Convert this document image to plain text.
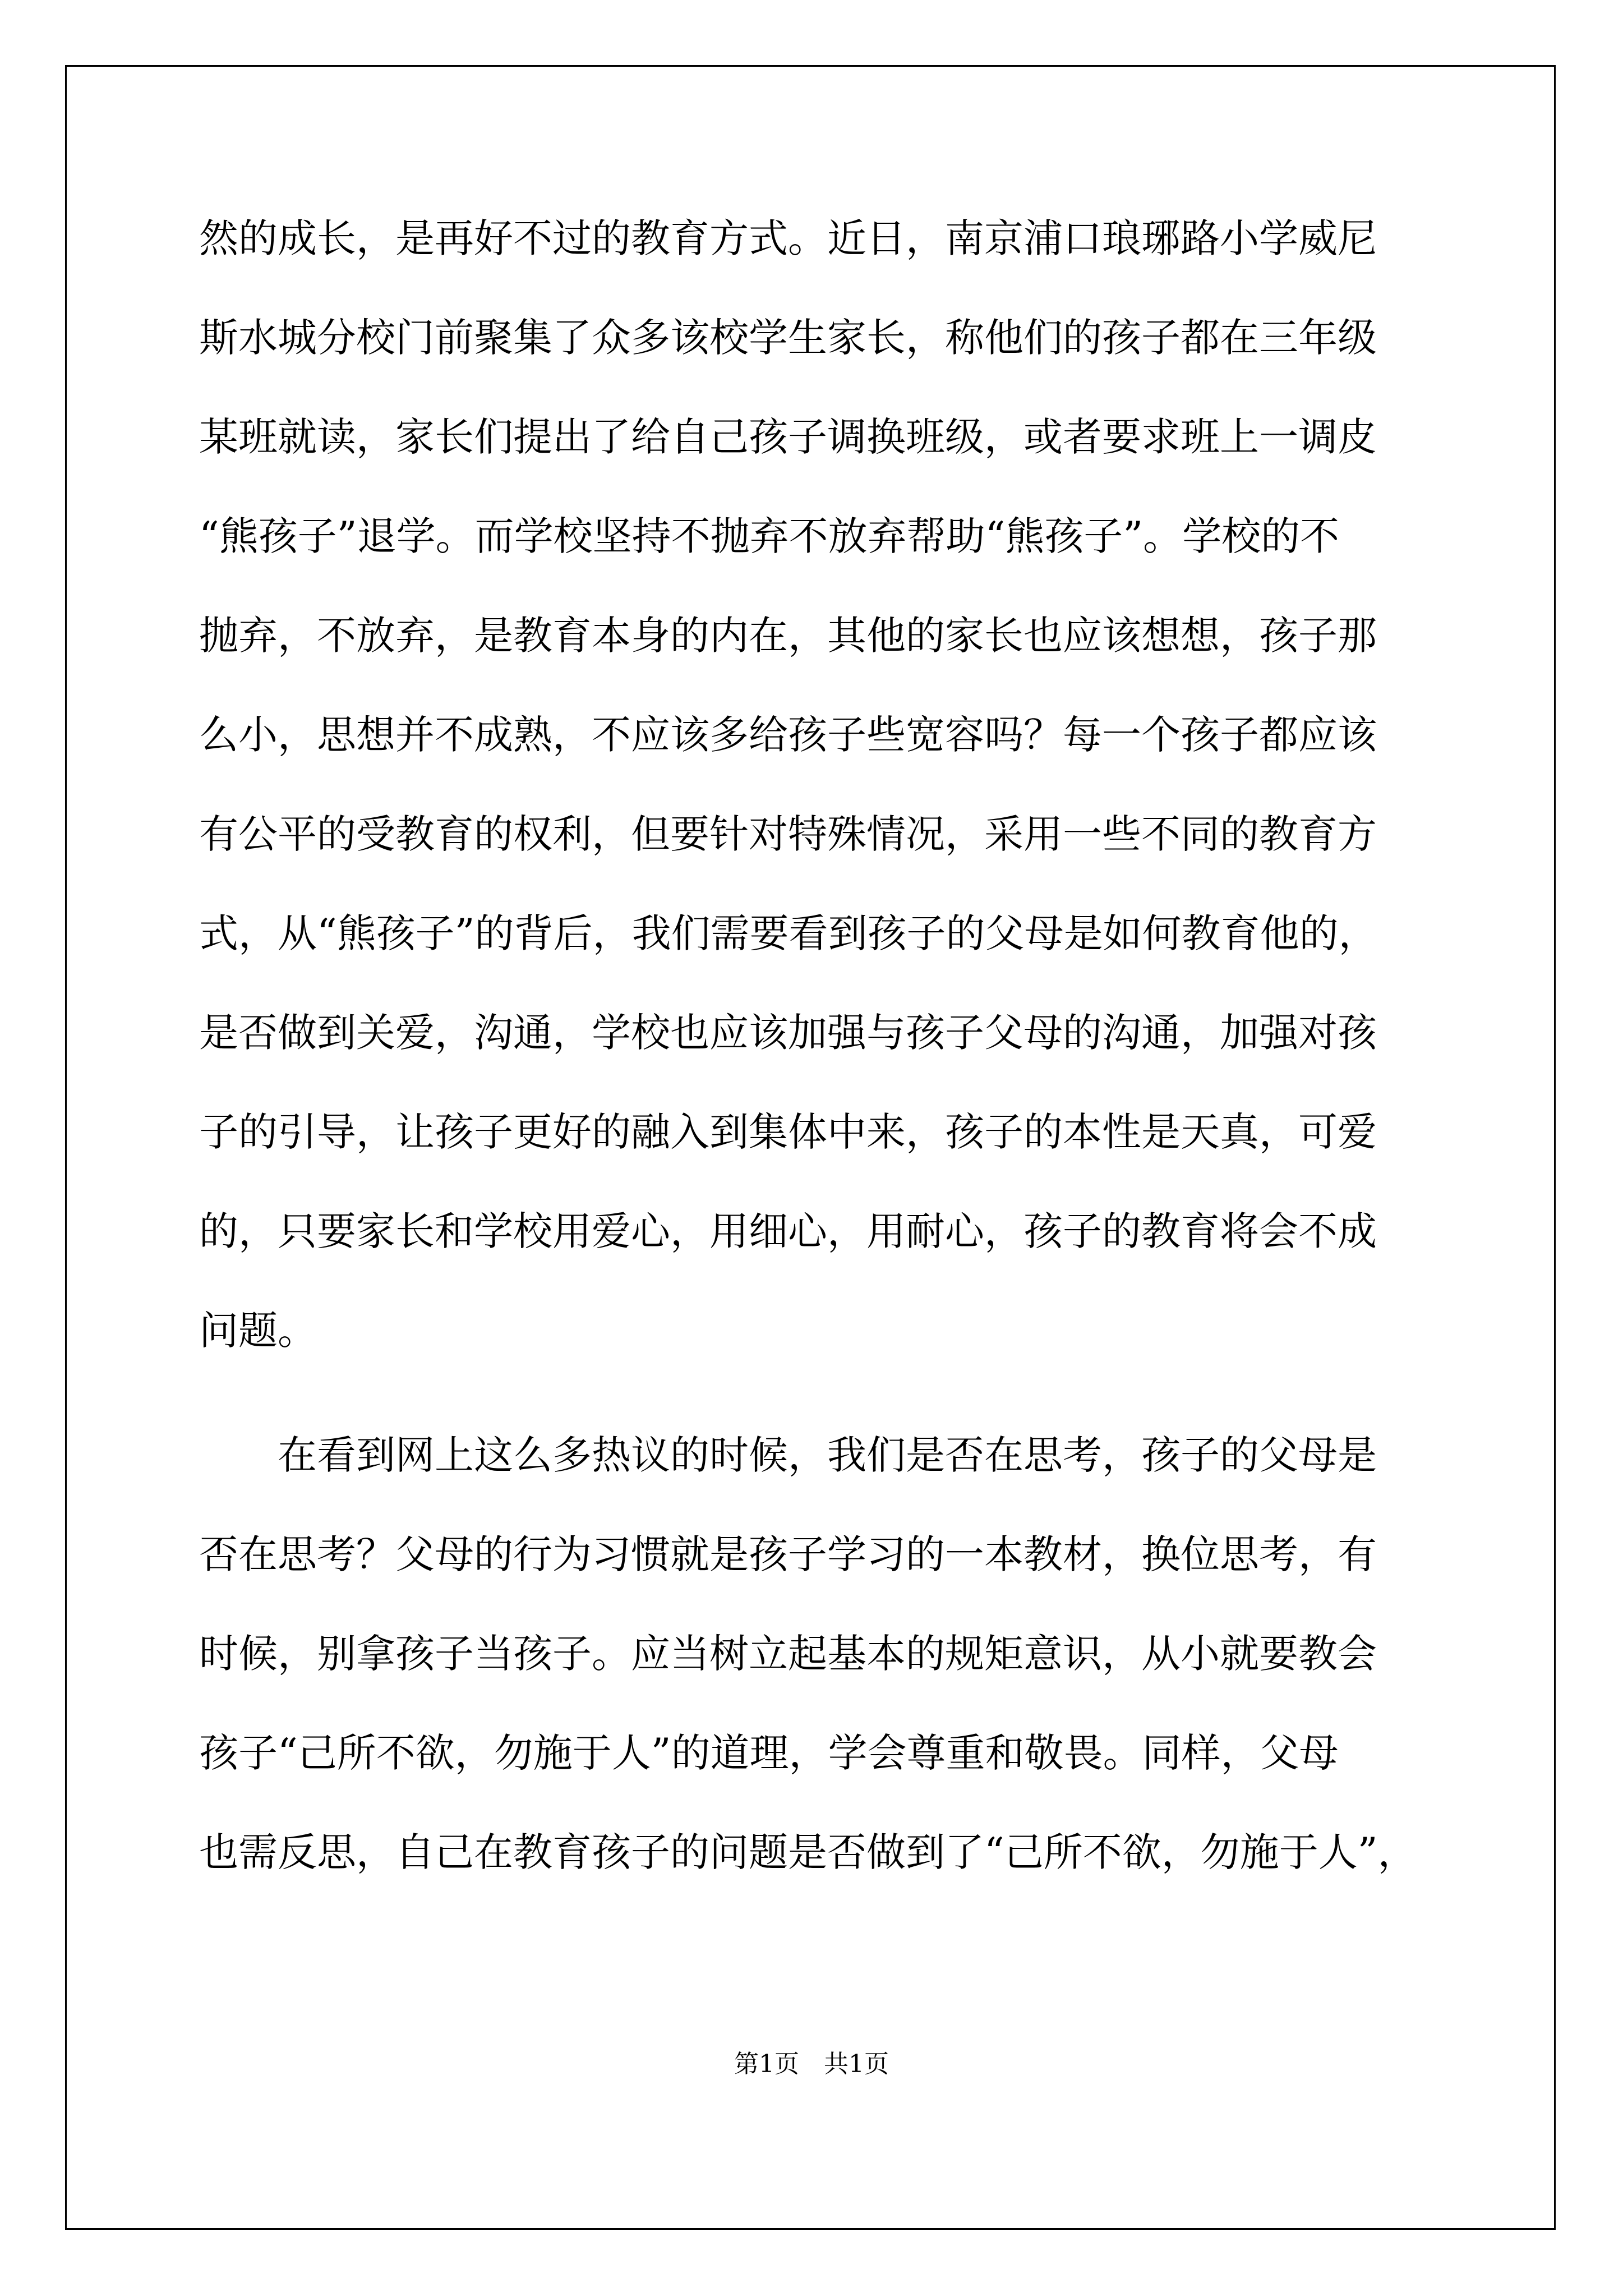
然的成长，是再好不过的教育方式。近日，南京浦口琅琊路小学威尼
斯水城分校门前聚集了众多该校学生家长，称他们的孩子都在三年级
某班就读，家长们提出了给自己孩子调换班级，或者要求班上一调皮
“熊孩子”退学。而学校坚持不抛弃不放弃帮助“熊孩子”。学校的不
抛弃，不放弃，是教育本身的内在，其他的家长也应该想想，孩子那
么小，思想并不成熟，不应该多给孩子些宽容吗？每一个孩子都应该
有公平的受教育的权利，但要针对特殊情况，采用一些不同的教育方
式，从“熊孩子”的背后，我们需要看到孩子的父母是如何教育他的，
是否做到关爱，沟通，学校也应该加强与孩子父母的沟通，加强对孩
子的引导，让孩子更好的融入到集体中来，孩子的本性是天真，可爱
的，只要家长和学校用爱心，用细心，用耐心，孩子的教育将会不成
问题。
　　在看到网上这么多热议的时候，我们是否在思考，孩子的父母是
否在思考？父母的行为习惯就是孩子学习的一本教材，换位思考，有
时候，别拿孩子当孩子。应当树立起基本的规矩意识，从小就要教会
孩子“己所不欲，勿施于人”的道理，学会尊重和敬畏。同样，父母
也需反思，自己在教育孩子的问题是否做到了“己所不欲，勿施于人”，
第1页　共1页
